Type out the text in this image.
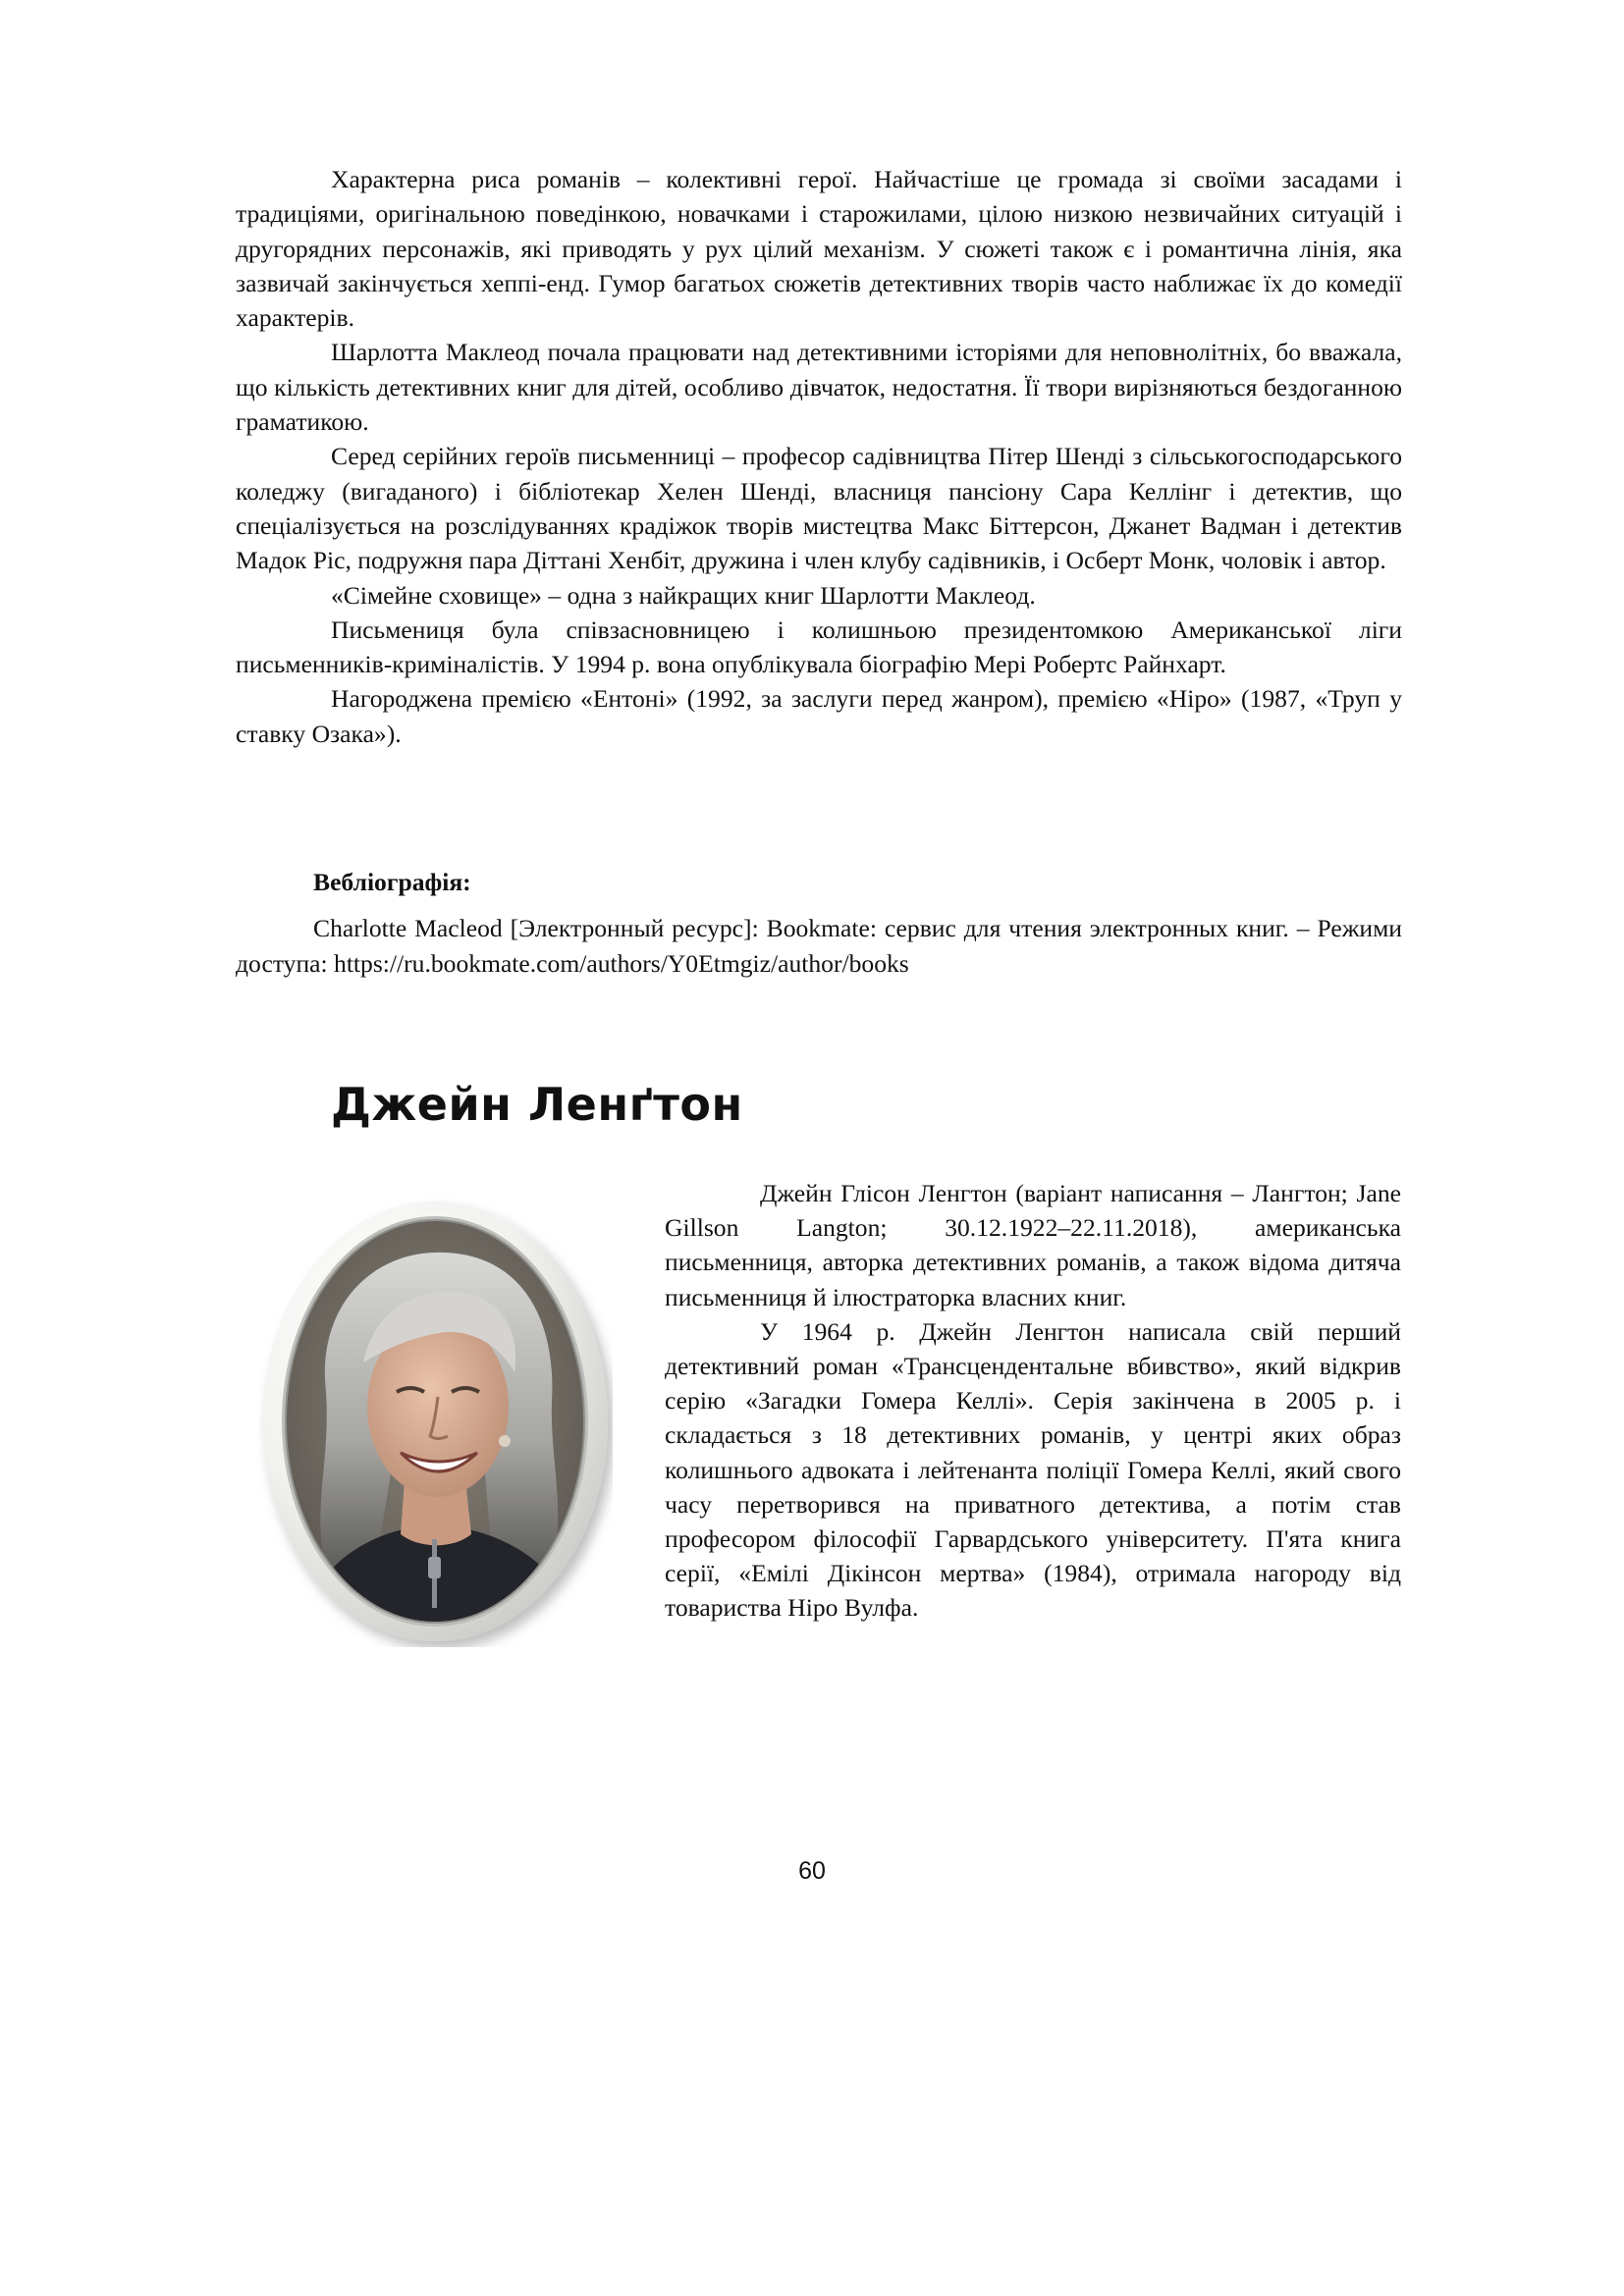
Характерна риса романів – колективні герої. Найчастіше це громада зі своїми засадами і традиціями, оригінальною поведінкою, новачками і старожилами, цілою низкою незвичайних ситуацій і другорядних персонажів, які приводять у рух цілий механізм. У сюжеті також є і романтична лінія, яка зазвичай закінчується хеппі-енд. Гумор багатьох сюжетів детективних творів часто наближає їх до комедії характерів.

Шарлотта Маклеод почала працювати над детективними історіями для неповнолітніх, бо вважала, що кількість детективних книг для дітей, особливо дівчаток, недостатня. Її твори вирізняються бездоганною граматикою.

Серед серійних героїв письменниці – професор садівництва Пітер Шенді з сільськогосподарського коледжу (вигаданого) і бібліотекар Хелен Шенді, власниця пансіону Сара Келлінг і детектив, що спеціалізується на розслідуваннях крадіжок творів мистецтва Макс Біттерсон, Джанет Вадман і детектив Мадок Ріс, подружня пара Діттані Хенбіт, дружина і член клубу садівників, і Осберт Монк, чоловік і автор.

«Сімейне сховище» – одна з найкращих книг Шарлотти Маклеод.

Письмениця була співзасновницею і колишньою президентомкою Американської ліги письменників-криміналістів. У 1994 р. вона опублікувала біографію Мері Робертс Райнхарт.

Нагороджена премією «Ентоні» (1992, за заслуги перед жанром), премією «Ніро» (1987, «Труп у ставку Озака»).

Вебліографія:

Charlotte Macleod [Электронный ресурс]: Bookmate: сервис для чтения электронных книг. – Режими доступа: https://ru.bookmate.com/authors/Y0Etmgiz/author/books

Джейн Ленґтон

Джейн Глісон Ленгтон (варіант написання – Лангтон; Jane Gillson Langton; 30.12.1922–22.11.2018), американська письменниця, авторка детективних романів, а також відома дитяча письменниця й ілюстраторка власних книг.

У 1964 р. Джейн Ленгтон написала свій перший детективний роман «Трансцендентальне вбивство», який відкрив серію «Загадки Гомера Келлі». Серія закінчена в 2005 р. і складається з 18 детективних романів, у центрі яких образ колишнього адвоката і лейтенанта поліції Гомера Келлі, який свого часу перетворився на приватного детектива, а потім став професором філософії Гарвардського університету. П'ята книга серії, «Емілі Дікінсон мертва» (1984), отримала нагороду від товариства Ніро Вулфа.

60
